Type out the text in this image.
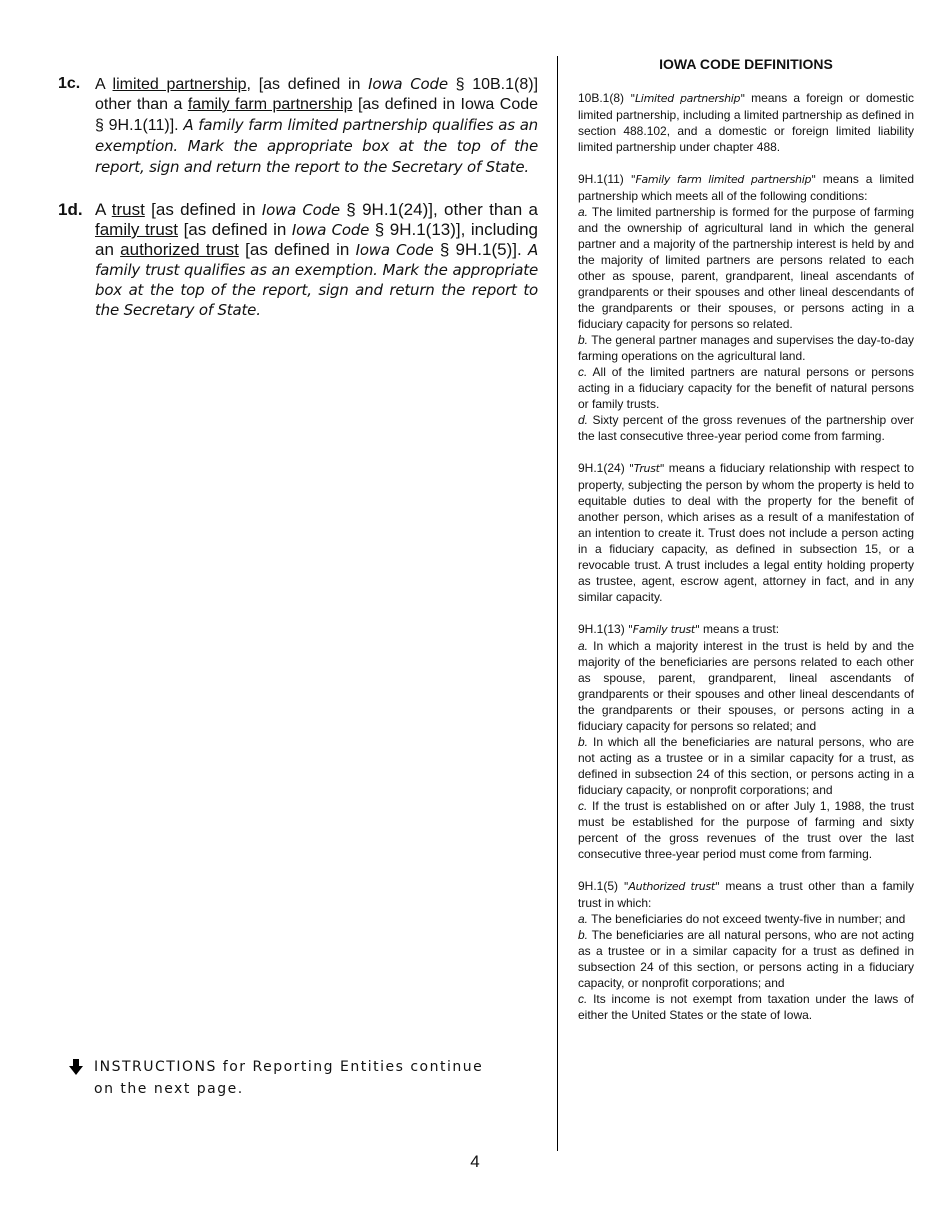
1c. A limited partnership, [as defined in Iowa Code § 10B.1(8)] other than a family farm partnership [as defined in Iowa Code § 9H.1(11)]. A family farm limited partnership qualifies as an exemption. Mark the appropriate box at the top of the report, sign and return the report to the Secretary of State.
1d. A trust [as defined in Iowa Code § 9H.1(24)], other than a family trust [as defined in Iowa Code § 9H.1(13)], including an authorized trust [as defined in Iowa Code § 9H.1(5)]. A family trust qualifies as an exemption. Mark the appropriate box at the top of the report, sign and return the report to the Secretary of State.
IOWA CODE DEFINITIONS

10B.1(8) "Limited partnership" means a foreign or domestic limited partnership, including a limited partnership as defined in section 488.102, and a domestic or foreign limited liability limited partnership under chapter 488.

9H.1(11) "Family farm limited partnership" means a limited partnership which meets all of the following conditions:

a. The limited partnership is formed for the purpose of farming and the ownership of agricultural land in which the general partner and a majority of the partnership interest is held by and the majority of limited partners are persons related to each other as spouse, parent, grandparent, lineal ascendants of grandparents or their spouses and other lineal descendants of the grandparents or their spouses, or persons acting in a fiduciary capacity for persons so related.

b. The general partner manages and supervises the day-to-day farming operations on the agricultural land.

c. All of the limited partners are natural persons or persons acting in a fiduciary capacity for the benefit of natural persons or family trusts.

d. Sixty percent of the gross revenues of the partnership over the last consecutive three-year period come from farming.

9H.1(24) "Trust" means a fiduciary relationship with respect to property, subjecting the person by whom the property is held to equitable duties to deal with the property for the benefit of another person, which arises as a result of a manifestation of an intention to create it. Trust does not include a person acting in a fiduciary capacity, as defined in subsection 15, or a revocable trust. A trust includes a legal entity holding property as trustee, agent, escrow agent, attorney in fact, and in any similar capacity.

9H.1(13) "Family trust" means a trust:

a. In which a majority interest in the trust is held by and the majority of the beneficiaries are persons related to each other as spouse, parent, grandparent, lineal ascendants of grandparents or their spouses and other lineal descendants of the grandparents or their spouses, or persons acting in a fiduciary capacity for persons so related; and

b. In which all the beneficiaries are natural persons, who are not acting as a trustee or in a similar capacity for a trust, as defined in subsection 24 of this section, or persons acting in a fiduciary capacity, or nonprofit corporations; and

c. If the trust is established on or after July 1, 1988, the trust must be established for the purpose of farming and sixty percent of the gross revenues of the trust over the last consecutive three-year period must come from farming.

9H.1(5) "Authorized trust" means a trust other than a family trust in which:

a. The beneficiaries do not exceed twenty-five in number; and

b. The beneficiaries are all natural persons, who are not acting as a trustee or in a similar capacity for a trust as defined in subsection 24 of this section, or persons acting in a fiduciary capacity, or nonprofit corporations; and

c. Its income is not exempt from taxation under the laws of either the United States or the state of Iowa.

INSTRUCTIONS for Reporting Entities continue on the next page.
4
